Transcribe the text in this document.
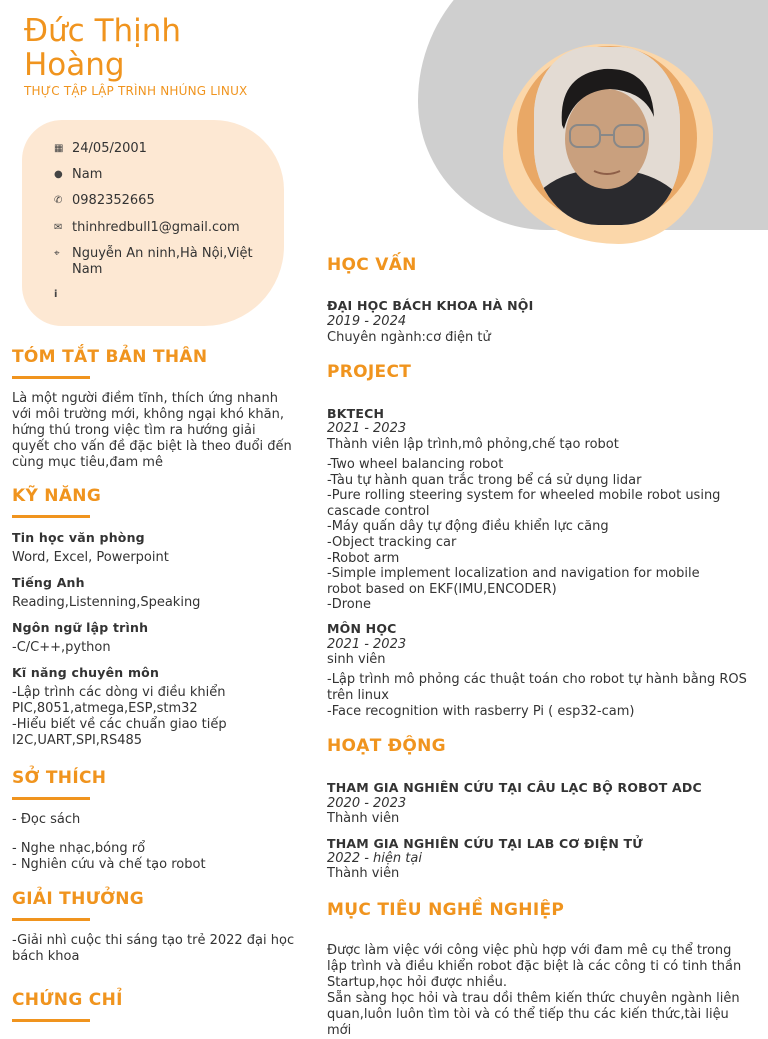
Đức Thịnh
Hoàng
THỰC TẬP LẬP TRÌNH NHÚNG LINUX
▦ 24/05/2001
● Nam
✆ 0982352665
✉ thinhredbull1@gmail.com
⌖ Nguyễn An ninh,Hà Nội,Việt Nam
i
TÓM TẮT BẢN THÂN
Là một người điềm tĩnh, thích ứng nhanh với môi trường mới, không ngại khó khăn, hứng thú trong việc tìm ra hướng giải quyết cho vấn đề đặc biệt là theo đuổi đến cùng mục tiêu,đam mê
KỸ NĂNG
Tin học văn phòng
Word, Excel, Powerpoint
Tiếng Anh
Reading,Listenning,Speaking
Ngôn ngữ lập trình
-C/C++,python
Kĩ năng chuyên môn
-Lập trình các dòng vi điều khiển PIC,8051,atmega,ESP,stm32
-Hiểu biết về các chuẩn giao tiếp I2C,UART,SPI,RS485
SỞ THÍCH
- Đọc sách
- Nghe nhạc,bóng rổ
- Nghiên cứu và chế tạo robot
GIẢI THƯỞNG
-Giải nhì cuộc thi sáng tạo trẻ 2022 đại học bách khoa
CHỨNG CHỈ
HỌC VẤN
ĐẠI HỌC BÁCH KHOA HÀ NỘI
2019 - 2024
Chuyên ngành:cơ điện tử
PROJECT
BKTECH
2021 - 2023
Thành viên lập trình,mô phỏng,chế tạo robot
-Two wheel balancing robot
-Tàu tự hành quan trắc trong bể cá sử dụng lidar
-Pure rolling steering system for wheeled mobile robot using cascade control
-Máy quấn dây tự động điều khiển lực căng
-Object tracking car
-Robot arm
-Simple implement localization and navigation for mobile robot based on EKF(IMU,ENCODER)
-Drone
MÔN HỌC
2021 - 2023
sinh viên
-Lập trình mô phỏng các thuật toán cho robot tự hành bằng ROS trên linux
-Face recognition with rasberry Pi ( esp32-cam)
HOẠT ĐỘNG
THAM GIA NGHIÊN CỨU TẠI CÂU LẠC BỘ ROBOT ADC
2020 - 2023
Thành viên
THAM GIA NGHIÊN CỨU TẠI LAB CƠ ĐIỆN TỬ
2022 - hiện tại
Thành viên
MỤC TIÊU NGHỀ NGHIỆP
Được làm việc với công việc phù hợp với đam mê cụ thể trong lập trình và điều khiển robot đặc biệt là các công ti có tinh thần Startup,học hỏi được nhiều.
Sẵn sàng học hỏi và trau dồi thêm kiến thức chuyên ngành liên quan,luôn luôn tìm tòi và có thể tiếp thu các kiến thức,tài liệu mới
